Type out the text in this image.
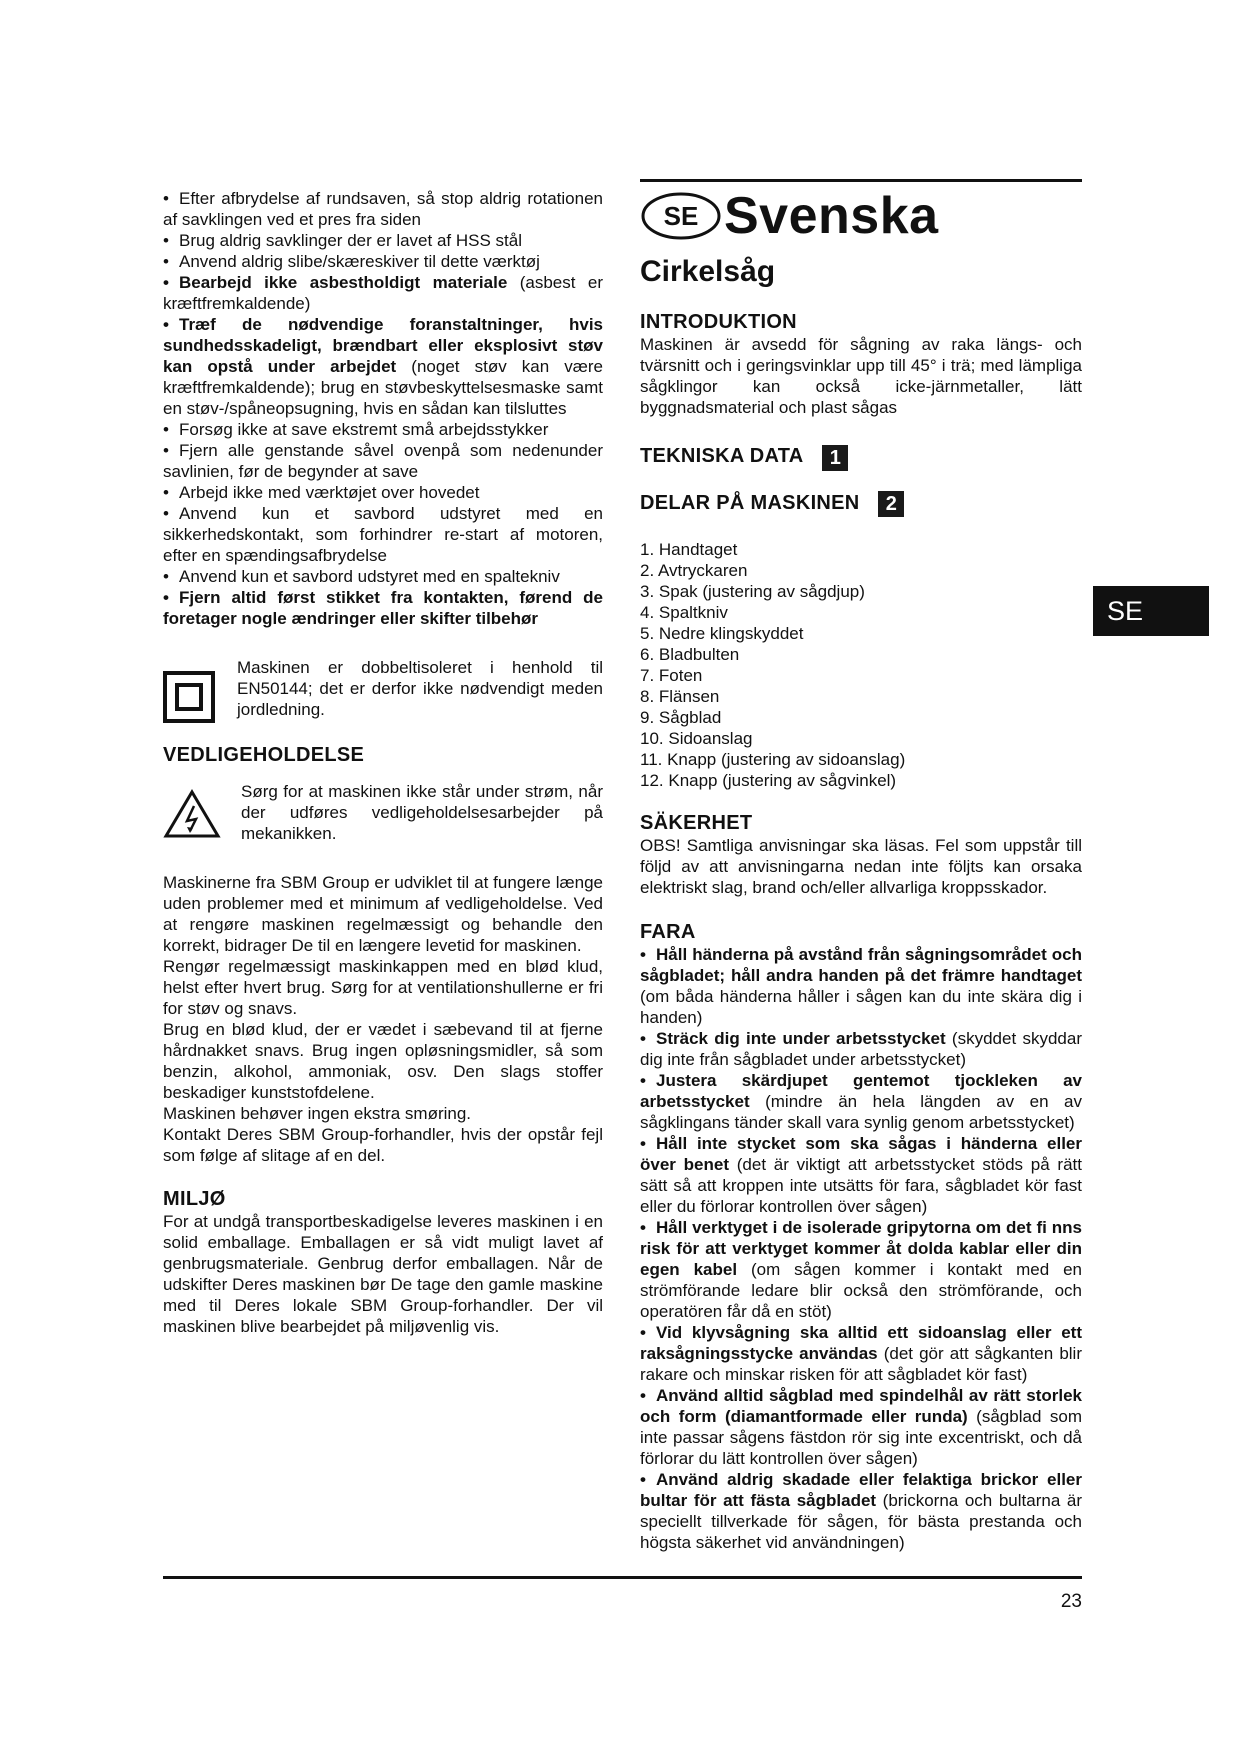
• Efter afbrydelse af rundsaven, så stop aldrig rotationen af savklingen ved et pres fra siden
• Brug aldrig savklinger der er lavet af HSS stål
• Anvend aldrig slibe/skæreskiver til dette værktøj
• Bearbejd ikke asbestholdigt materiale (asbest er kræftfremkaldende)
• Træf de nødvendige foranstaltninger, hvis sundhedsskadeligt, brændbart eller eksplosivt støv kan opstå under arbejdet (noget støv kan være kræftfremkaldende); brug en støvbeskyttelsesmaske samt en støv-/spåneopsugning, hvis en sådan kan tilsluttes
• Forsøg ikke at save ekstremt små arbejdsstykker
• Fjern alle genstande såvel ovenpå som nedenunder savlinien, før de begynder at save
• Arbejd ikke med værktøjet over hovedet
• Anvend kun et savbord udstyret med en sikkerhedskontakt, som forhindrer re-start af motoren, efter en spændingsafbrydelse
• Anvend kun et savbord udstyret med en spaltekniv
• Fjern altid først stikket fra kontakten, førend de foretager nogle ændringer eller skifter tilbehør
Maskinen er dobbeltisoleret i henhold til EN50144; det er derfor ikke nødvendigt meden jordledning.
VEDLIGEHOLDELSE
Sørg for at maskinen ikke står under strøm, når der udføres vedligeholdelsesarbejder på mekanikken.
Maskinerne fra SBM Group er udviklet til at fungere længe uden problemer med et minimum af vedligeholdelse. Ved at rengøre maskinen regelmæssigt og behandle den korrekt, bidrager De til en længere levetid for maskinen.
Rengør regelmæssigt maskinkappen med en blød klud, helst efter hvert brug. Sørg for at ventilationshullerne er fri for støv og snavs.
Brug en blød klud, der er vædet i sæbevand til at fjerne hårdnakket snavs. Brug ingen opløsningsmidler, så som benzin, alkohol, ammoniak, osv. Den slags stoffer beskadiger kunststofdelene.
Maskinen behøver ingen ekstra smøring.
Kontakt Deres SBM Group-forhandler, hvis der opstår fejl som følge af slitage af en del.
MILJØ
For at undgå transportbeskadigelse leveres maskinen i en solid emballage. Emballagen er så vidt muligt lavet af genbrugsmateriale. Genbrug derfor emballagen. Når de udskifter Deres maskinen bør De tage den gamle maskine med til Deres lokale SBM Group-forhandler. Der vil maskinen blive bearbejdet på miljøvenlig vis.
SE Svenska
Cirkelsåg
INTRODUKTION
Maskinen är avsedd för sågning av raka längs- och tvärsnitt och i geringsvinklar upp till 45° i trä; med lämpliga sågklingor kan också icke-järnmetaller, lätt byggnadsmaterial och plast sågas
TEKNISKA DATA 1
DELAR PÅ MASKINEN 2
1. Handtaget
2. Avtryckaren
3. Spak (justering av sågdjup)
4. Spaltkniv
5. Nedre klingskyddet
6. Bladbulten
7. Foten
8. Flänsen
9. Sågblad
10. Sidoanslag
11. Knapp (justering av sidoanslag)
12. Knapp (justering av sågvinkel)
SÄKERHET
OBS! Samtliga anvisningar ska läsas. Fel som uppstår till följd av att anvisningarna nedan inte följts kan orsaka elektriskt slag, brand och/eller allvarliga kroppsskador.
FARA
• Håll händerna på avstånd från sågningsområdet och sågbladet; håll andra handen på det främre handtaget (om båda händerna håller i sågen kan du inte skära dig i handen)
• Sträck dig inte under arbetsstycket (skyddet skyddar dig inte från sågbladet under arbetsstycket)
• Justera skärdjupet gentemot tjockleken av arbetsstycket (mindre än hela längden av en av sågklingans tänder skall vara synlig genom arbetsstycket)
• Håll inte stycket som ska sågas i händerna eller över benet (det är viktigt att arbetsstycket stöds på rätt sätt så att kroppen inte utsätts för fara, sågbladet kör fast eller du förlorar kontrollen över sågen)
• Håll verktyget i de isolerade gripytorna om det fi nns risk för att verktyget kommer åt dolda kablar eller din egen kabel (om sågen kommer i kontakt med en strömförande ledare blir också den strömförande, och operatören får då en stöt)
• Vid klyvsågning ska alltid ett sidoanslag eller ett raksågningsstycke användas (det gör att sågkanten blir rakare och minskar risken för att sågbladet kör fast)
• Använd alltid sågblad med spindelhål av rätt storlek och form (diamantformade eller runda) (sågblad som inte passar sågens fästdon rör sig inte excentriskt, och då förlorar du lätt kontrollen över sågen)
• Använd aldrig skadade eller felaktiga brickor eller bultar för att fästa sågbladet (brickorna och bultarna är speciellt tillverkade för sågen, för bästa prestanda och högsta säkerhet vid användningen)
SE
23
